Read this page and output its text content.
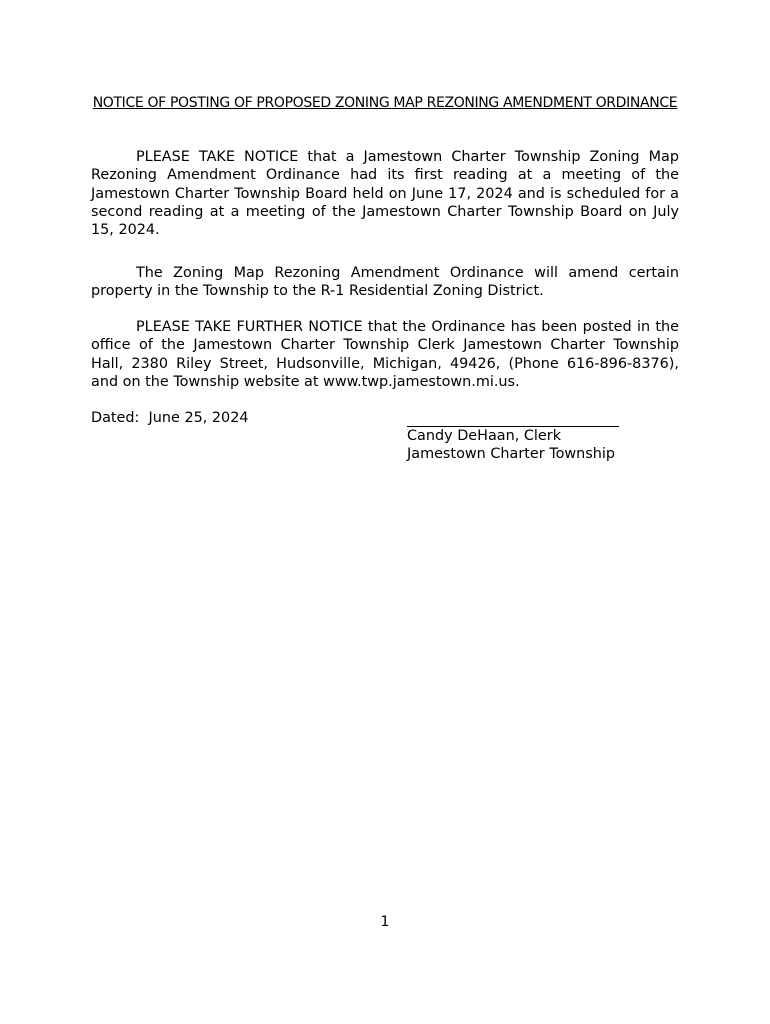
NOTICE OF POSTING OF PROPOSED ZONING MAP REZONING AMENDMENT ORDINANCE

PLEASE TAKE NOTICE that a Jamestown Charter Township Zoning Map Rezoning Amendment Ordinance had its first reading at a meeting of the Jamestown Charter Township Board held on June 17, 2024 and is scheduled for a second reading at a meeting of the Jamestown Charter Township Board on July 15, 2024.

The Zoning Map Rezoning Amendment Ordinance will amend certain property in the Township to the R-1 Residential Zoning District.

PLEASE TAKE FURTHER NOTICE that the Ordinance has been posted in the office of the Jamestown Charter Township Clerk Jamestown Charter Township Hall, 2380 Riley Street, Hudsonville, Michigan, 49426, (Phone 616-896-8376), and on the Township website at www.twp.jamestown.mi.us.

Dated:  June 25, 2024
Candy DeHaan, Clerk
Jamestown Charter Township
1
